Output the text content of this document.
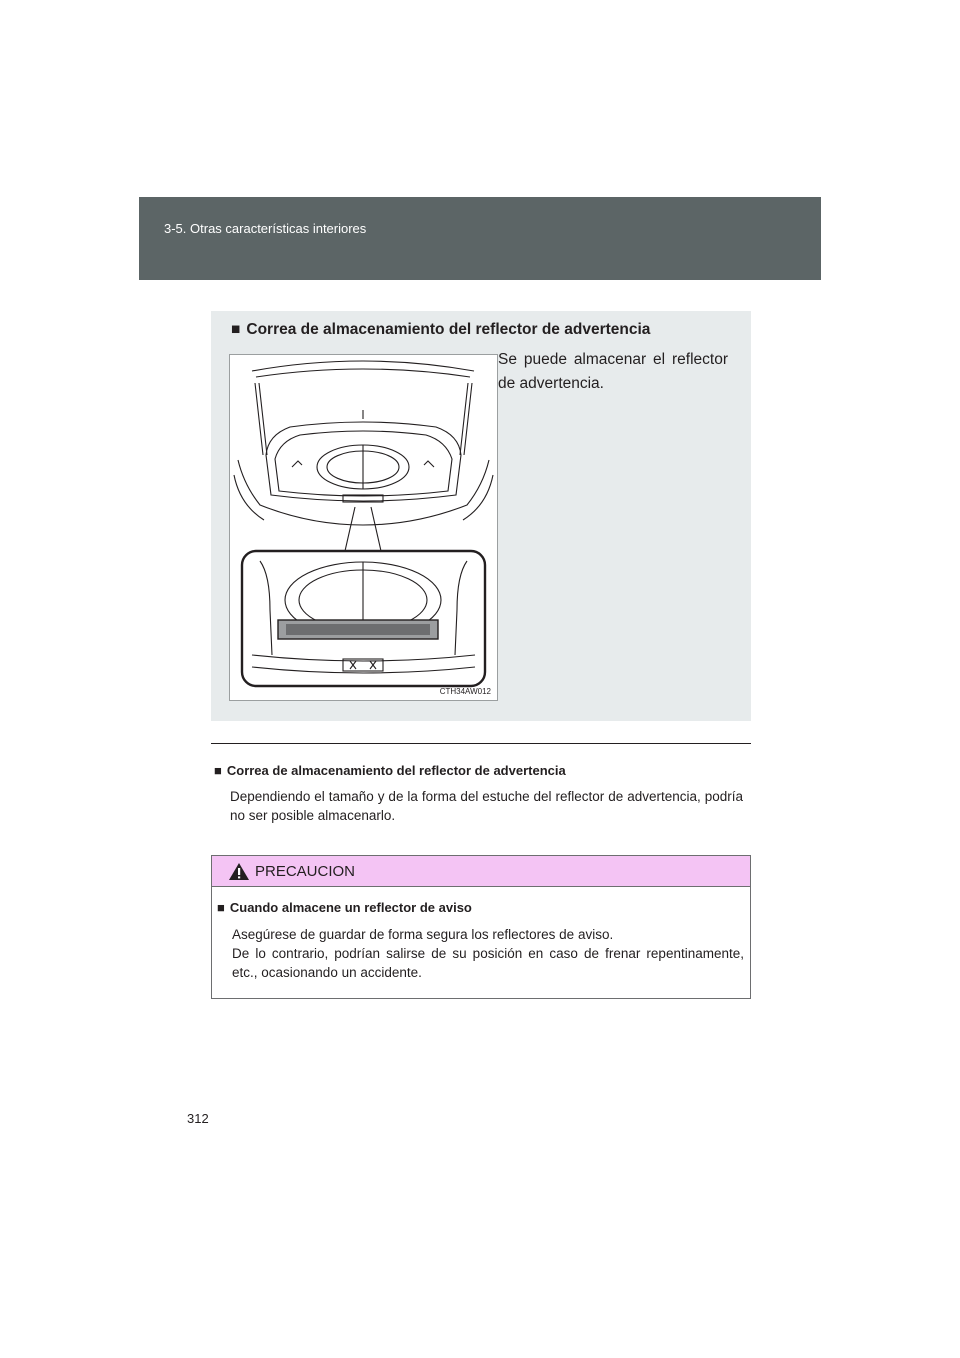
3-5. Otras características interiores
■ Correa de almacenamiento del reflector de advertencia
CTH34AW012
Se puede almacenar el reflector de advertencia.
■ Correa de almacenamiento del reflector de advertencia
Dependiendo el tamaño y de la forma del estuche del reflector de advertencia, podría no ser posible almacenarlo.
PRECAUCION
■ Cuando almacene un reflector de aviso

Asegúrese de guardar de forma segura los reflectores de aviso.

De lo contrario, podrían salirse de su posición en caso de frenar repentinamente, etc., ocasionando un accidente.

312
